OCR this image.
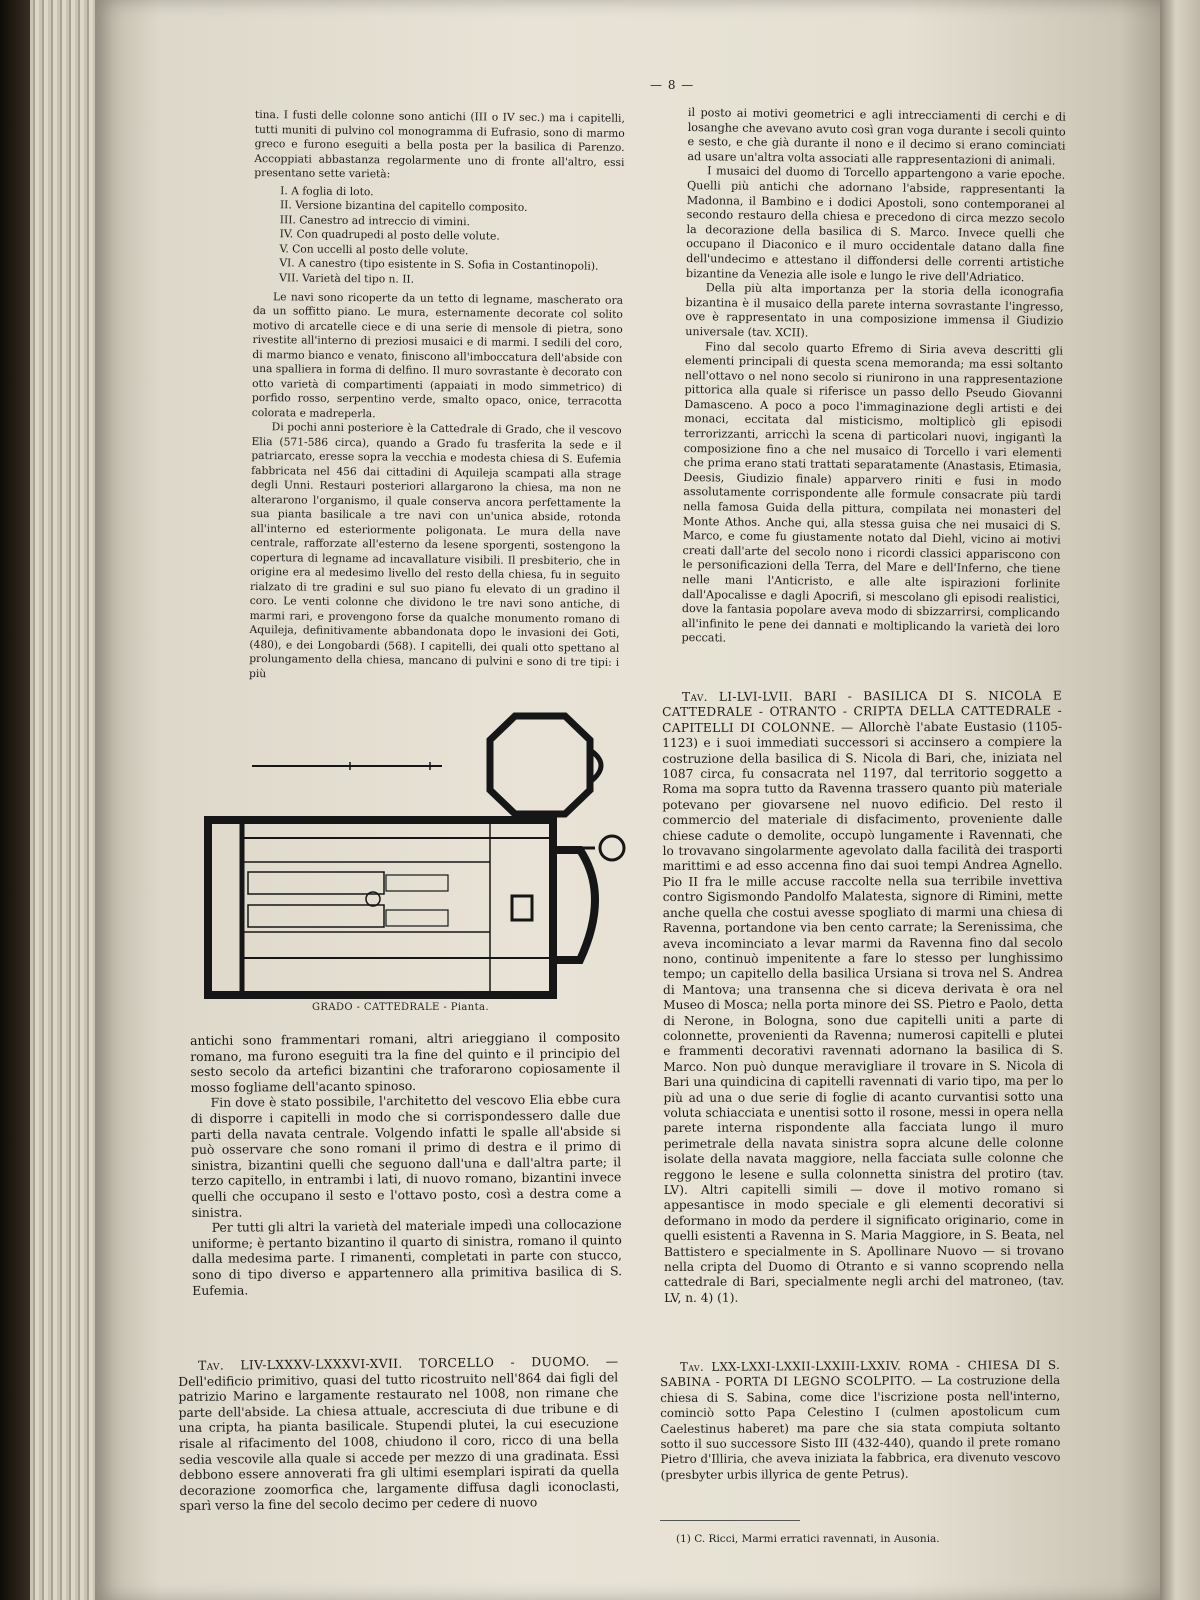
— 8 —

tina. I fusti delle colonne sono antichi (III o IV sec.) ma i capitelli, tutti muniti di pulvino col monogramma di Eufrasio, sono di marmo greco e furono eseguiti a bella posta per la basilica di Parenzo. Accoppiati abbastanza regolarmente uno di fronte all'altro, essi presentano sette varietà:

I. A foglia di loto.
II. Versione bizantina del capitello composito.
III. Canestro ad intreccio di vimini.
IV. Con quadrupedi al posto delle volute.
V. Con uccelli al posto delle volute.
VI. A canestro (tipo esistente in S. Sofia in Costantinopoli).
VII. Varietà del tipo n. II.

Le navi sono ricoperte da un tetto di legname, mascherato ora da un soffitto piano. Le mura, esternamente decorate col solito motivo di arcatelle ciece e di una serie di mensole di pietra, sono rivestite all'interno di preziosi musaici e di marmi. I sedili del coro, di marmo bianco e venato, finiscono all'imboccatura dell'abside con una spalliera in forma di delfino. Il muro sovrastante è decorato con otto varietà di compartimenti (appaiati in modo simmetrico) di porfido rosso, serpentino verde, smalto opaco, onice, terracotta colorata e madreperla.

Di pochi anni posteriore è la Cattedrale di Grado, che il vescovo Elia (571-586 circa), quando a Grado fu trasferita la sede e il patriarcato, eresse sopra la vecchia e modesta chiesa di S. Eufemia fabbricata nel 456 dai cittadini di Aquileja scampati alla strage degli Unni. Restauri posteriori allargarono la chiesa, ma non ne alterarono l'organismo, il quale conserva ancora perfettamente la sua pianta basilicale a tre navi con un'unica abside, rotonda all'interno ed esteriormente poligonata. Le mura della nave centrale, rafforzate all'esterno da lesene sporgenti, sostengono la copertura di legname ad incavallature visibili. Il presbiterio, che in origine era al medesimo livello del resto della chiesa, fu in seguito rialzato di tre gradini e sul suo piano fu elevato di un gradino il coro. Le venti colonne che dividono le tre navi sono antiche, di marmi rari, e provengono forse da qualche monumento romano di Aquileja, definitivamente abbandonata dopo le invasioni dei Goti, (480), e dei Longobardi (568). I capitelli, dei quali otto spettano al prolungamento della chiesa, mancano di pulvini e sono di tre tipi: i più

il posto ai motivi geometrici e agli intrecciamenti di cerchi e di losanghe che avevano avuto così gran voga durante i secoli quinto e sesto, e che già durante il nono e il decimo si erano cominciati ad usare un'altra volta associati alle rappresentazioni di animali.

I musaici del duomo di Torcello appartengono a varie epoche. Quelli più antichi che adornano l'abside, rappresentanti la Madonna, il Bambino e i dodici Apostoli, sono contemporanei al secondo restauro della chiesa e precedono di circa mezzo secolo la decorazione della basilica di S. Marco. Invece quelli che occupano il Diaconico e il muro occidentale datano dalla fine dell'undecimo e attestano il diffondersi delle correnti artistiche bizantine da Venezia alle isole e lungo le rive dell'Adriatico.

Della più alta importanza per la storia della iconografia bizantina è il musaico della parete interna sovrastante l'ingresso, ove è rappresentato in una composizione immensa il Giudizio universale (tav. XCII).

Fino dal secolo quarto Efremo di Siria aveva descritti gli elementi principali di questa scena memoranda; ma essi soltanto nell'ottavo o nel nono secolo si riunirono in una rappresentazione pittorica alla quale si riferisce un passo dello Pseudo Giovanni Damasceno. A poco a poco l'immaginazione degli artisti e dei monaci, eccitata dal misticismo, moltiplicò gli episodi terrorizzanti, arricchì la scena di particolari nuovi, ingigantì la composizione fino a che nel musaico di Torcello i vari elementi che prima erano stati trattati separatamente (Anastasis, Etimasia, Deesis, Giudizio finale) apparvero riniti e fusi in modo assolutamente corrispondente alle formule consacrate più tardi nella famosa Guida della pittura, compilata nei monasteri del Monte Athos. Anche qui, alla stessa guisa che nei musaici di S. Marco, e come fu giustamente notato dal Diehl, vicino ai motivi creati dall'arte del secolo nono i ricordi classici appariscono con le personificazioni della Terra, del Mare e dell'Inferno, che tiene nelle mani l'Anticristo, e alle alte ispirazioni forlinite dall'Apocalisse e dagli Apocrifi, si mescolano gli episodi realistici, dove la fantasia popolare aveva modo di sbizzarrirsi, complicando all'infinito le pene dei dannati e moltiplicando la varietà dei loro peccati.

GRADO - CATTEDRALE - Pianta.

antichi sono frammentari romani, altri arieggiano il composito romano, ma furono eseguiti tra la fine del quinto e il principio del sesto secolo da artefici bizantini che traforarono copiosamente il mosso fogliame dell'acanto spinoso.

Fin dove è stato possibile, l'architetto del vescovo Elia ebbe cura di disporre i capitelli in modo che si corrispondessero dalle due parti della navata centrale. Volgendo infatti le spalle all'abside si può osservare che sono romani il primo di destra e il primo di sinistra, bizantini quelli che seguono dall'una e dall'altra parte; il terzo capitello, in entrambi i lati, di nuovo romano, bizantini invece quelli che occupano il sesto e l'ottavo posto, così a destra come a sinistra.

Per tutti gli altri la varietà del materiale impedì una collocazione uniforme; è pertanto bizantino il quarto di sinistra, romano il quinto dalla medesima parte. I rimanenti, completati in parte con stucco, sono di tipo diverso e appartennero alla primitiva basilica di S. Eufemia.

Tav. LI-LVI-LVII. BARI - BASILICA DI S. NICOLA E CATTEDRALE - OTRANTO - CRIPTA DELLA CATTEDRALE - CAPITELLI DI COLONNE. — Allorchè l'abate Eustasio (1105-1123) e i suoi immediati successori si accinsero a compiere la costruzione della basilica di S. Nicola di Bari, che, iniziata nel 1087 circa, fu consacrata nel 1197, dal territorio soggetto a Roma ma sopra tutto da Ravenna trassero quanto più materiale potevano per giovarsene nel nuovo edificio. Del resto il commercio del materiale di disfacimento, proveniente dalle chiese cadute o demolite, occupò lungamente i Ravennati, che lo trovavano singolarmente agevolato dalla facilità dei trasporti marittimi e ad esso accenna fino dai suoi tempi Andrea Agnello. Pio II fra le mille accuse raccolte nella sua terribile invettiva contro Sigismondo Pandolfo Malatesta, signore di Rimini, mette anche quella che costui avesse spogliato di marmi una chiesa di Ravenna, portandone via ben cento carrate; la Serenissima, che aveva incominciato a levar marmi da Ravenna fino dal secolo nono, continuò impenitente a fare lo stesso per lunghissimo tempo; un capitello della basilica Ursiana si trova nel S. Andrea di Mantova; una transenna che si diceva derivata è ora nel Museo di Mosca; nella porta minore dei SS. Pietro e Paolo, detta di Nerone, in Bologna, sono due capitelli uniti a parte di colonnette, provenienti da Ravenna; numerosi capitelli e plutei e frammenti decorativi ravennati adornano la basilica di S. Marco. Non può dunque meravigliare il trovare in S. Nicola di Bari una quindicina di capitelli ravennati di vario tipo, ma per lo più ad una o due serie di foglie di acanto curvantisi sotto una voluta schiacciata e unentisi sotto il rosone, messi in opera nella parete interna rispondente alla facciata lungo il muro perimetrale della navata sinistra sopra alcune delle colonne isolate della navata maggiore, nella facciata sulle colonne che reggono le lesene e sulla colonnetta sinistra del protiro (tav. LV). Altri capitelli simili — dove il motivo romano si appesantisce in modo speciale e gli elementi decorativi si deformano in modo da perdere il significato originario, come in quelli esistenti a Ravenna in S. Maria Maggiore, in S. Beata, nel Battistero e specialmente in S. Apollinare Nuovo — si trovano nella cripta del Duomo di Otranto e si vanno scoprendo nella cattedrale di Bari, specialmente negli archi del matroneo, (tav. LV, n. 4) (1).

Tav. LIV-LXXXV-LXXXVI-XVII. TORCELLO - DUOMO. — Dell'edificio primitivo, quasi del tutto ricostruito nell'864 dai figli del patrizio Marino e largamente restaurato nel 1008, non rimane che parte dell'abside. La chiesa attuale, accresciuta di due tribune e di una cripta, ha pianta basilicale. Stupendi plutei, la cui esecuzione risale al rifacimento del 1008, chiudono il coro, ricco di una bella sedia vescovile alla quale si accede per mezzo di una gradinata. Essi debbono essere annoverati fra gli ultimi esemplari ispirati da quella decorazione zoomorfica che, largamente diffusa dagli iconoclasti, sparì verso la fine del secolo decimo per cedere di nuovo

Tav. LXX-LXXI-LXXII-LXXIII-LXXIV. ROMA - CHIESA DI S. SABINA - PORTA DI LEGNO SCOLPITO. — La costruzione della chiesa di S. Sabina, come dice l'iscrizione posta nell'interno, cominciò sotto Papa Celestino I (culmen apostolicum cum Caelestinus haberet) ma pare che sia stata compiuta soltanto sotto il suo successore Sisto III (432-440), quando il prete romano Pietro d'Illiria, che aveva iniziata la fabbrica, era divenuto vescovo (presbyter urbis illyrica de gente Petrus).

(1) C. Ricci, Marmi erratici ravennati, in Ausonia.
